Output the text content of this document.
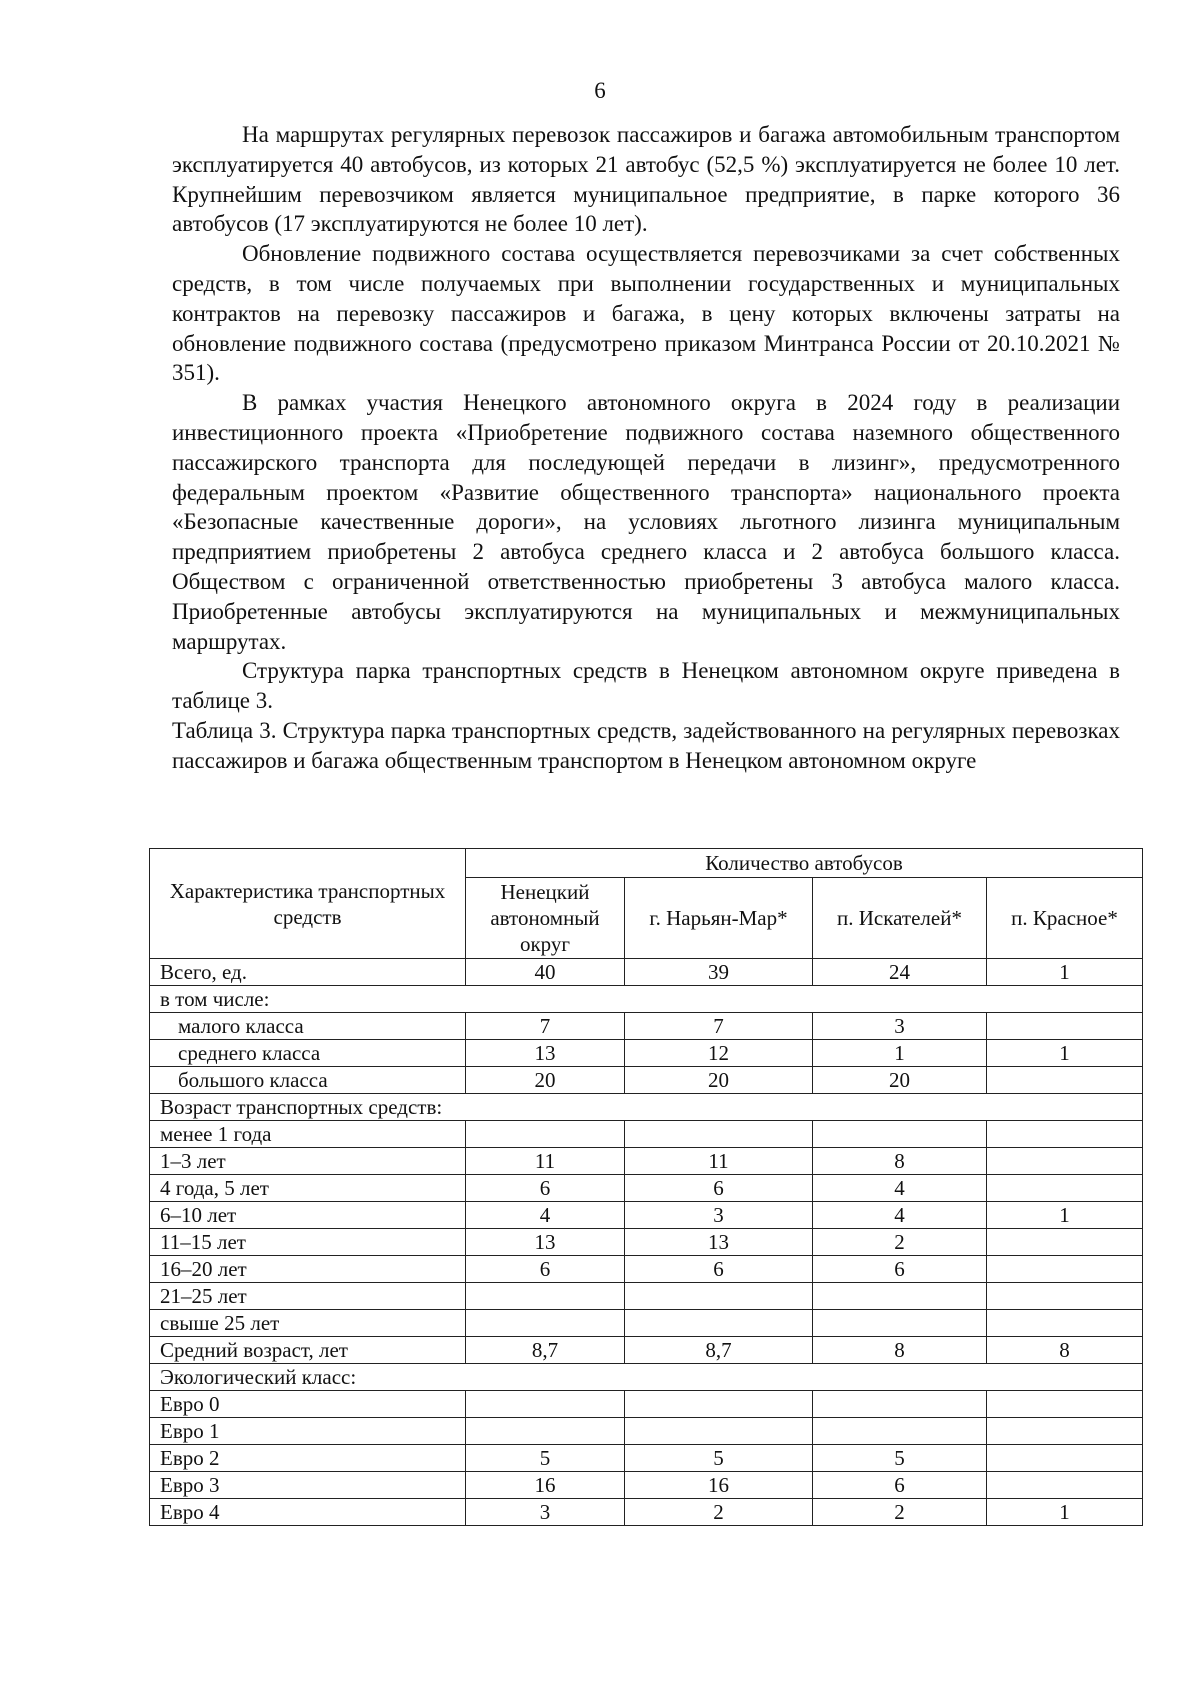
6

На маршрутах регулярных перевозок пассажиров и багажа автомобильным транспортом эксплуатируется 40 автобусов, из которых 21 автобус (52,5 %) эксплуатируется не более 10 лет. Крупнейшим перевозчиком является муниципальное предприятие, в парке которого 36 автобусов (17 эксплуатируются не более 10 лет).

Обновление подвижного состава осуществляется перевозчиками за счет собственных средств, в том числе получаемых при выполнении государственных и муниципальных контрактов на перевозку пассажиров и багажа, в цену которых включены затраты на обновление подвижного состава (предусмотрено приказом Минтранса России от 20.10.2021 № 351).

В рамках участия Ненецкого автономного округа в 2024 году в реализации инвестиционного проекта «Приобретение подвижного состава наземного общественного пассажирского транспорта для последующей передачи в лизинг», предусмотренного федеральным проектом «Развитие общественного транспорта» национального проекта «Безопасные качественные дороги», на условиях льготного лизинга муниципальным предприятием приобретены 2 автобуса среднего класса и 2 автобуса большого класса. Обществом с ограниченной ответственностью приобретены 3 автобуса малого класса. Приобретенные автобусы эксплуатируются на муниципальных и межмуниципальных маршрутах.

Структура парка транспортных средств в Ненецком автономном округе приведена в таблице 3.

Таблица 3. Структура парка транспортных средств, задействованного на регулярных перевозках пассажиров и багажа общественным транспортом в Ненецком автономном округе

Характеристика транспортных средств	Количество автобусов			
	Ненецкий автономный округ	г. Нарьян-Мар*	п. Искателей*	п. Красное*
Всего, ед.	40	39	24	1
в том числе:				
малого класса	7	7	3	
среднего класса	13	12	1	1
большого класса	20	20	20	
Возраст транспортных средств:				
менее 1 года				
1–3 лет	11	11	8	
4 года, 5 лет	6	6	4	
6–10 лет	4	3	4	1
11–15 лет	13	13	2	
16–20 лет	6	6	6	
21–25 лет				
свыше 25 лет				
Средний возраст, лет	8,7	8,7	8	8
Экологический класс:				
Евро 0				
Евро 1				
Евро 2	5	5	5	
Евро 3	16	16	6	
Евро 4	3	2	2	1
